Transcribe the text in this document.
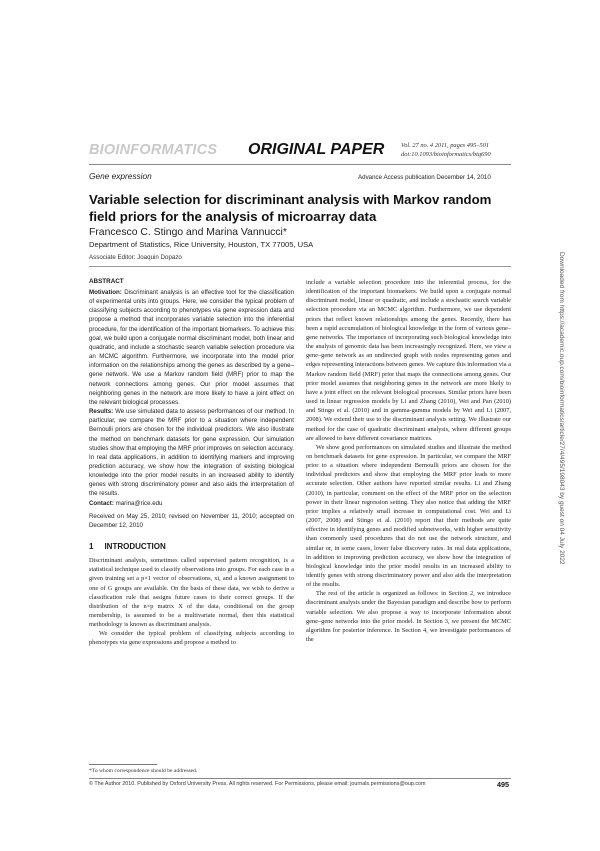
BIOINFORMATICS ORIGINAL PAPER	Vol. 27 no. 4 2011, pages 495–501
doi:10.1093/bioinformatics/btq690
Gene expression	Advance Access publication December 14, 2010
Variable selection for discriminant analysis with Markov random field priors for the analysis of microarray data
Francesco C. Stingo and Marina Vannucci*
Department of Statistics, Rice University, Houston, TX 77005, USA
Associate Editor: Joaquin Dopazo
ABSTRACT
Motivation: Discriminant analysis is an effective tool for the classification of experimental units into groups. Here, we consider the typical problem of classifying subjects according to phenotypes via gene expression data and propose a method that incorporates variable selection into the inferential procedure, for the identification of the important biomarkers. To achieve this goal, we build upon a conjugate normal discriminant model, both linear and quadratic, and include a stochastic search variable selection procedure via an MCMC algorithm. Furthermore, we incorporate into the model prior information on the relationships among the genes as described by a gene–gene network. We use a Markov random field (MRF) prior to map the network connections among genes. Our prior model assumes that neighboring genes in the network are more likely to have a joint effect on the relevant biological processes.
Results: We use simulated data to assess performances of our method. In particular, we compare the MRF prior to a situation where independent Bernoulli priors are chosen for the individual predictors. We also illustrate the method on benchmark datasets for gene expression. Our simulation studies show that employing the MRF prior improves on selection accuracy. In real data applications, in addition to identifying markers and improving prediction accuracy, we show how the integration of existing biological knowledge into the prior model results in an increased ability to identify genes with strong discriminatory power and also aids the interpretation of the results.
Contact: marina@rice.edu
Received on May 25, 2010; revised on November 11, 2010; accepted on December 12, 2010
1 INTRODUCTION
Discriminant analysis, sometimes called supervised pattern recognition, is a statistical technique used to classify observations into groups. For each case in a given training set a p×1 vector of observations, xi, and a known assignment to one of G groups are available. On the basis of these data, we wish to derive a classification rule that assigns future cases to their correct groups. If the distribution of the n×p matrix X of the data, conditional on the group membership, is assumed to be a multivariate normal, then this statistical methodology is known as discriminant analysis.
We consider the typical problem of classifying subjects according to phenotypes via gene expressions and propose a method to
include a variable selection procedure into the inferential process, for the identification of the important biomarkers. We build upon a conjugate normal discriminant model, linear or quadratic, and include a stochastic search variable selection procedure via an MCMC algorithm. Furthermore, we use dependent priors that reflect known relationships among the genes. Recently, there has been a rapid accumulation of biological knowledge in the form of various gene–gene networks. The importance of incorporating such biological knowledge into the analysis of genomic data has been increasingly recognized. Here, we view a gene–gene network as an undirected graph with nodes representing genes and edges representing interactions between genes. We capture this information via a Markov random field (MRF) prior that maps the connections among genes. Our prior model assumes that neighboring genes in the network are more likely to have a joint effect on the relevant biological processes. Similar priors have been used in linear regression models by Li and Zhang (2010), Wei and Pan (2010) and Stingo et al. (2010) and in gamma-gamma models by Wei and Li (2007, 2008). We extend their use to the discriminant analysis setting. We illustrate our method for the case of quadratic discriminant analysis, where different groups are allowed to have different covariance matrices.
We show good performances on simulated studies and illustrate the method on benchmark datasets for gene expression. In particular, we compare the MRF prior to a situation where independent Bernoulli priors are chosen for the individual predictors and show that employing the MRF prior leads to more accurate selection. Other authors have reported similar results. Li and Zhang (2010), in particular, comment on the effect of the MRF prior on the selection power in their linear regression setting. They also notice that adding the MRF prior implies a relatively small increase in computational cost. Wei and Li (2007, 2008) and Stingo et al. (2010) report that their methods are quite effective in identifying genes and modified subnetworks, with higher sensitivity than commonly used procedures that do not use the network structure, and similar or, in some cases, lower false discovery rates. In real data applications, in addition to improving prediction accuracy, we show how the integration of biological knowledge into the prior model results in an increased ability to identify genes with strong discriminatory power and also aids the interpretation of the results.
The rest of the article is organized as follows: in Section 2, we introduce discriminant analysis under the Bayesian paradigm and describe how to perform variable selection. We also propose a way to incorporate information about gene–gene networks into the prior model. In Section 3, we present the MCMC algorithm for posterior inference. In Section 4, we investigate performances of the
*To whom correspondence should be addressed.
© The Author 2010. Published by Oxford University Press. All rights reserved. For Permissions, please email: journals.permissions@oup.com	495
Downloaded from https://academic.oup.com/bioinformatics/article/27/4/495/198043 by guest on 04 July 2022
